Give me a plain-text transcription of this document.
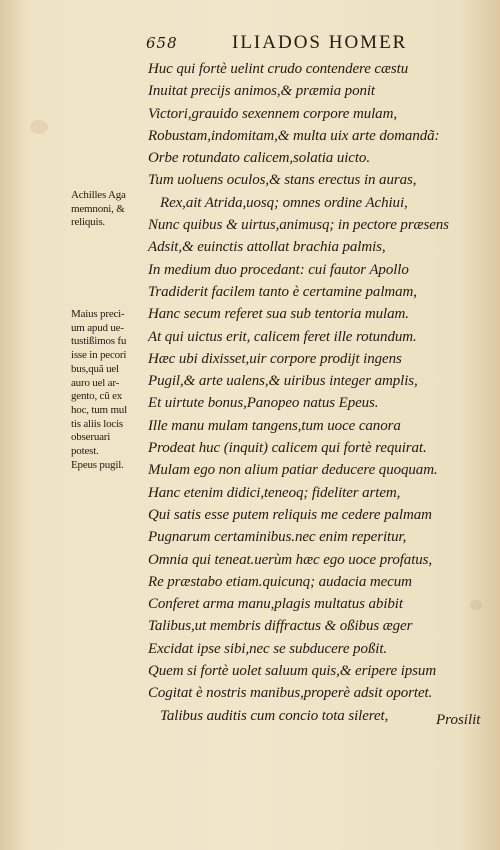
658	ILIADOS HOMER
Huc qui fortè uelint crudo contendere cæstu
Inuitat precijs animos,& præmia ponit
Victori,grauido sexennem corpore mulam,
Robustam,indomitam,& multa uix arte domandã:
Orbe rotundato calicem,solatia uicto.
Tum uoluens oculos,& stans erectus in auras,
Rex,ait Atrida,uosq; omnes ordine Achiui,
Nunc quibus & uirtus,animusq; in pectore præsens
Adsit,& euinctis attollat brachia palmis,
In medium duo procedant: cui fautor Apollo
Tradiderit facilem tanto è certamine palmam,
Hanc secum referet sua sub tentoria mulam.
At qui uictus erit, calicem feret ille rotundum.
Hæc ubi dixisset,uir corpore prodijt ingens
Pugil,& arte ualens,& uiribus integer amplis,
Et uirtute bonus,Panopeo natus Epeus.
Ille manu mulam tangens,tum uoce canora
Prodeat huc (inquit) calicem qui fortè requirat.
Mulam ego non alium patiar deducere quoquam.
Hanc etenim didici,teneoq; fideliter artem,
Qui satis esse putem reliquis me cedere palmam
Pugnarum certaminibus.nec enim reperitur,
Omnia qui teneat.uerùm hæc ego uoce profatus,
Re præstabo etiam.quicunq; audacia mecum
Conferet arma manu,plagis multatus abibit
Talibus,ut membris diffractus & oßibus æger
Excidat ipse sibi,nec se subducere poßit.
Quem si fortè uolet saluum quis,& eripere ipsum
Cogitat è nostris manibus,properè adsit oportet.
Talibus auditis cum concio tota sileret,	Prosilit
Achilles Aga
memnoni, &
reliquis.
Maius preci-
um apud ue-
tustißimos fu
isse in pecori
bus,quã uel
auro uel ar-
gento, cũ ex
hoc, tum mul
tis aliis locis
obseruari
potest.
Epeus pugil.
